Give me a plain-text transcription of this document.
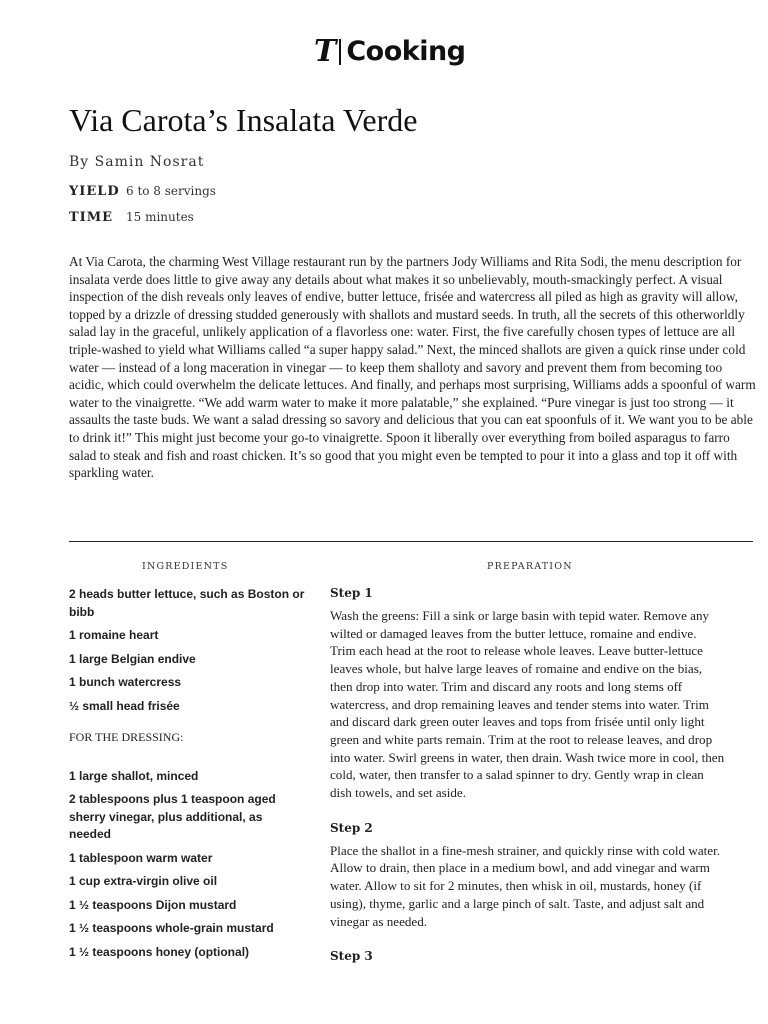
T Cooking
Via Carota’s Insalata Verde
By Samin Nosrat
YIELD 6 to 8 servings
TIME	15 minutes

At Via Carota, the charming West Village restaurant run by the partners Jody Williams and Rita Sodi, the menu description for insalata verde does little to give away any details about what makes it so unbelievably, mouth-smackingly perfect. A visual inspection of the dish reveals only leaves of endive, butter lettuce, frisée and watercress all piled as high as gravity will allow, topped by a drizzle of dressing studded generously with shallots and mustard seeds. In truth, all the secrets of this otherworldly salad lay in the graceful, unlikely application of a flavorless one: water. First, the five carefully chosen types of lettuce are all triple-washed to yield what Williams called “a super happy salad.” Next, the minced shallots are given a quick rinse under cold water — instead of a long maceration in vinegar — to keep them shalloty and savory and prevent them from becoming too acidic, which could overwhelm the delicate lettuces. And finally, and perhaps most surprising, Williams adds a spoonful of warm water to the vinaigrette. “We add warm water to make it more palatable,” she explained. “Pure vinegar is just too strong — it assaults the taste buds. We want a salad dressing so savory and delicious that you can eat spoonfuls of it. We want you to be able to drink it!” This might just become your go-to vinaigrette. Spoon it liberally over everything from boiled asparagus to farro salad to steak and fish and roast chicken. It’s so good that you might even be tempted to pour it into a glass and top it off with sparkling water.

INGREDIENTS	PREPARATION
2 heads butter lettuce, such as Boston or bibb
1 romaine heart
1 large Belgian endive
1 bunch watercress
½ small head frisée
FOR THE DRESSING:
1 large shallot, minced
2 tablespoons plus 1 teaspoon aged sherry vinegar, plus additional, as needed
1 tablespoon warm water
1 cup extra-virgin olive oil
1 ½ teaspoons Dijon mustard
1 ½ teaspoons whole-grain mustard
1 ½ teaspoons honey (optional)
Step 1

Wash the greens: Fill a sink or large basin with tepid water. Remove any wilted or damaged leaves from the butter lettuce, romaine and endive. Trim each head at the root to release whole leaves. Leave butter-lettuce leaves whole, but halve large leaves of romaine and endive on the bias, then drop into water. Trim and discard any roots and long stems off watercress, and drop remaining leaves and tender stems into water. Trim and discard dark green outer leaves and tops from frisée until only light green and white parts remain. Trim at the root to release leaves, and drop into water. Swirl greens in water, then drain. Wash twice more in cool, then cold, water, then transfer to a salad spinner to dry. Gently wrap in clean dish towels, and set aside.

Step 2

Place the shallot in a fine-mesh strainer, and quickly rinse with cold water. Allow to drain, then place in a medium bowl, and add vinegar and warm water. Allow to sit for 2 minutes, then whisk in oil, mustards, honey (if using), thyme, garlic and a large pinch of salt. Taste, and adjust salt and vinegar as needed.

Step 3
